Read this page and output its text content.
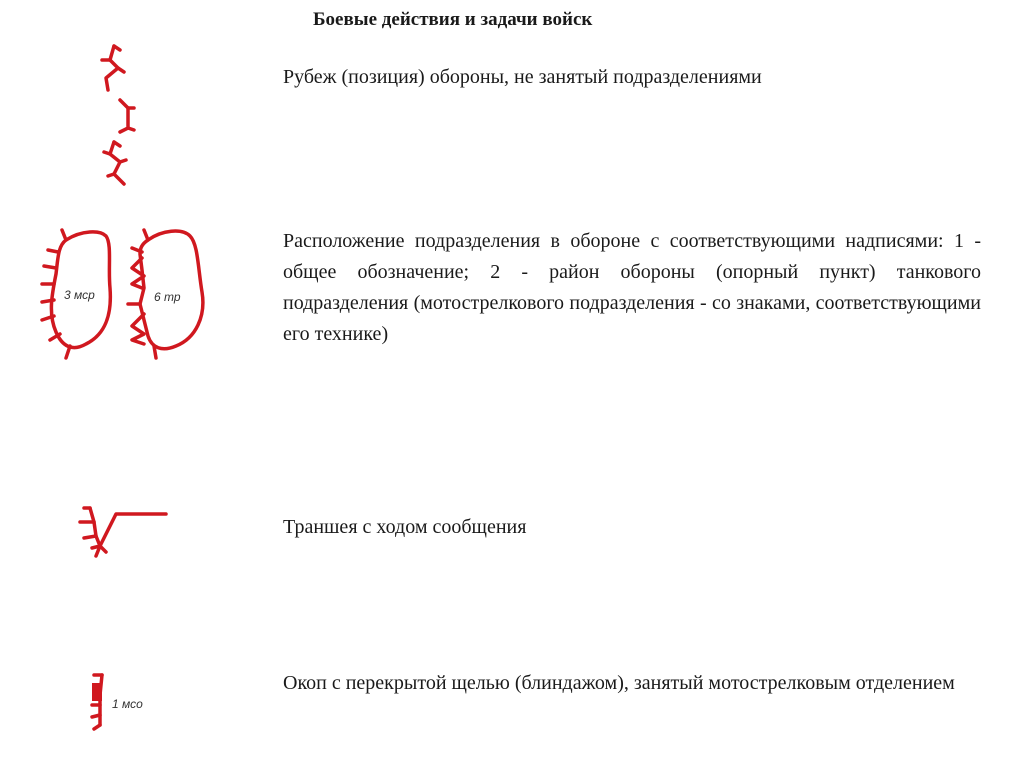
Боевые действия и задачи войск
3 мср	6 тр
1 мсо
Рубеж (позиция) обороны, не занятый подразделениями
Расположение подразделения в обороне с соответствующими надписями: 1 - общее обозначение; 2 - район обороны (опорный пункт) танкового подразделения (мотострелкового подразделения - со знаками, соответствующими его технике)
Траншея с ходом сообщения
Окоп с перекрытой щелью (блиндажом), занятый мотострелковым отделением
